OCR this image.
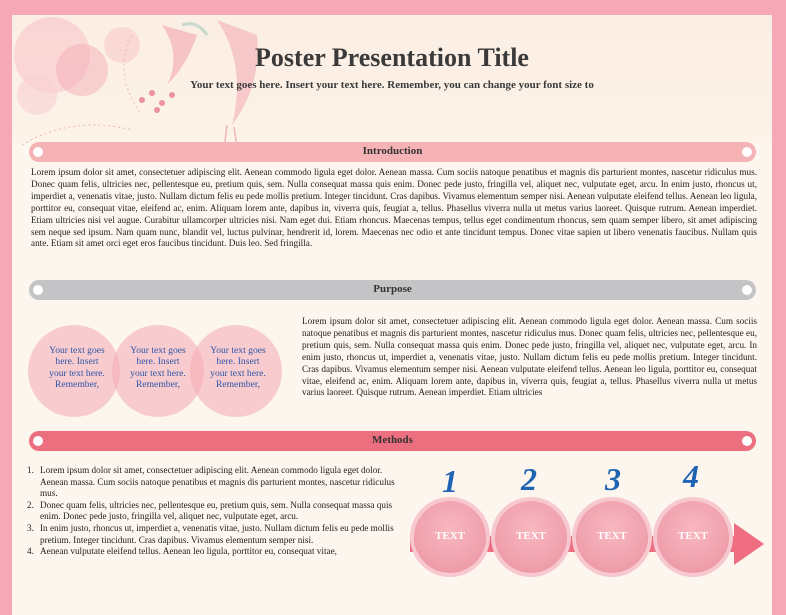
Poster Presentation Title
Your text goes here. Insert your text here. Remember, you can change your font size to
Introduction
Lorem ipsum dolor sit amet, consectetuer adipiscing elit. Aenean commodo ligula eget dolor. Aenean massa. Cum sociis natoque penatibus et magnis dis parturient montes, nascetur ridiculus mus. Donec quam felis, ultricies nec, pellentesque eu, pretium quis, sem. Nulla consequat massa quis enim. Donec pede justo, fringilla vel, aliquet nec, vulputate eget, arcu. In enim justo, rhoncus ut, imperdiet a, venenatis vitae, justo. Nullam dictum felis eu pede mollis pretium. Integer tincidunt. Cras dapibus. Vivamus elementum semper nisi. Aenean vulputate eleifend tellus. Aenean leo ligula, porttitor eu, consequat vitae, eleifend ac, enim. Aliquam lorem ante, dapibus in, viverra quis, feugiat a, tellus. Phasellus viverra nulla ut metus varius laoreet. Quisque rutrum. Aenean imperdiet. Etiam ultricies nisi vel augue. Curabitur ullamcorper ultricies nisi. Nam eget dui. Etiam rhoncus. Maecenas tempus, tellus eget condimentum rhoncus, sem quam semper libero, sit amet adipiscing sem neque sed ipsum. Nam quam nunc, blandit vel, luctus pulvinar, hendrerit id, lorem. Maecenas nec odio et ante tincidunt tempus. Donec vitae sapien ut libero venenatis faucibus. Nullam quis ante. Etiam sit amet orci eget eros faucibus tincidunt. Duis leo. Sed fringilla.
Purpose
Your text goes here. Insert your text here. Remember,
Your text goes here. Insert your text here. Remember,
Your text goes here. Insert your text here. Remember,
Lorem ipsum dolor sit amet, consectetuer adipiscing elit. Aenean commodo ligula eget dolor. Aenean massa. Cum sociis natoque penatibus et magnis dis parturient montes, nascetur ridiculus mus. Donec quam felis, ultricies nec, pellentesque eu, pretium quis, sem. Nulla consequat massa quis enim. Donec pede justo, fringilla vel, aliquet nec, vulputate eget, arcu. In enim justo, rhoncus ut, imperdiet a, venenatis vitae, justo. Nullam dictum felis eu pede mollis pretium. Integer tincidunt. Cras dapibus. Vivamus elementum semper nisi. Aenean vulputate eleifend tellus. Aenean leo ligula, porttitor eu, consequat vitae, eleifend ac, enim. Aliquam lorem ante, dapibus in, viverra quis, feugiat a, tellus. Phasellus viverra nulla ut metus varius laoreet. Quisque rutrum. Aenean imperdiet. Etiam ultricies
Methods
1. Lorem ipsum dolor sit amet, consectetuer adipiscing elit. Aenean commodo ligula eget dolor. Aenean massa. Cum sociis natoque penatibus et magnis dis parturient montes, nascetur ridiculus mus.
2. Donec quam felis, ultricies nec, pellentesque eu, pretium quis, sem. Nulla consequat massa quis enim. Donec pede justo, fringilla vel, aliquet nec, vulputate eget, arcu.
3. In enim justo, rhoncus ut, imperdiet a, venenatis vitae, justo. Nullam dictum felis eu pede mollis pretium. Integer tincidunt. Cras dapibus. Vivamus elementum semper nisi.
4. Aenean vulputate eleifend tellus. Aenean leo ligula, porttitor eu, consequat vitae,
1 2 3 4
TEXT	TEXT	TEXT	TEXT
